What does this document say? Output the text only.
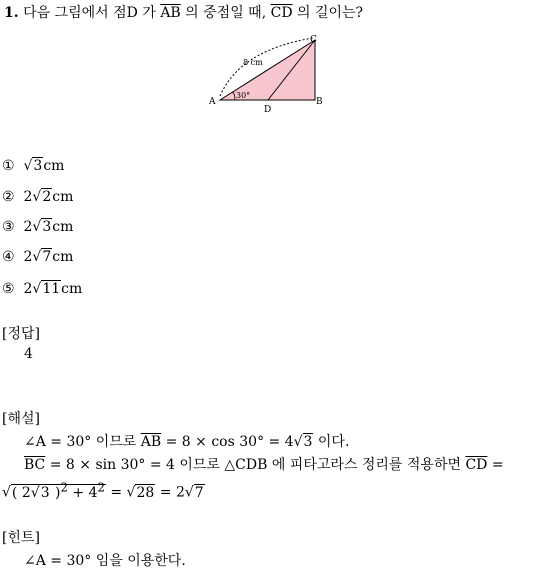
1. 다음 그림에서 점D 가 $\overline{AB}$ 의 중점일 때, $\overline{CD}$ 의 길이는?
C
A
D
B
8 cm
30°
① √3cm
② 2√2cm
③ 2√3cm
④ 2√7cm
⑤ 2√11cm
[정답]
4
[해설]
∠A = 30° 이므로 $\overline{AB} = 8 \times \cos 30^\circ = 4√3$ 이다.
$\overline{BC} = 8 \times \sin 30^\circ = 4$ 이므로 △CDB 에 피타고라스 정리를 적용하면 $\overline{CD}$ =
√( 2√3 )$^2 + 4^2 = √28 = 2√7$
[힌트]
∠A = 30° 임을 이용한다.
